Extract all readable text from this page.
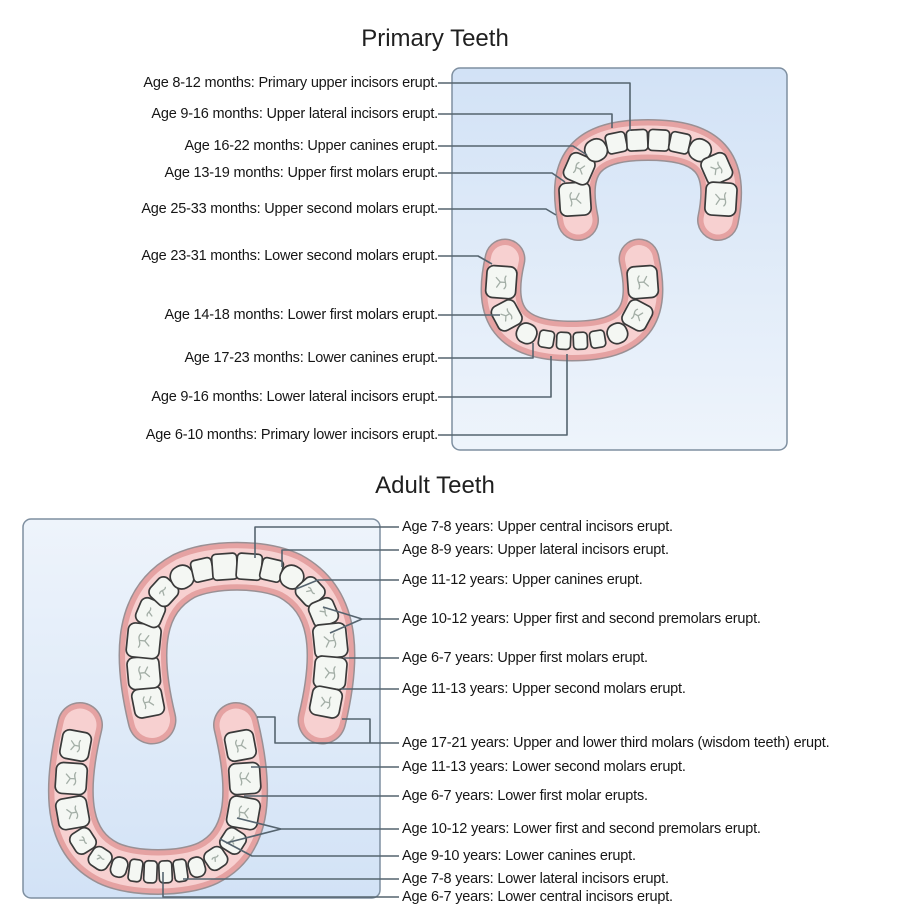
Primary Teeth
Age 8-12 months: Primary upper incisors erupt.
Age 9-16 months: Upper lateral incisors erupt.
Age 16-22 months: Upper canines erupt.
Age 13-19 months: Upper first molars erupt.
Age 25-33 months: Upper second molars erupt.
Age 23-31 months: Lower second molars erupt.
Age 14-18 months: Lower first molars erupt.
Age 17-23 months: Lower canines erupt.
Age 9-16 months: Lower lateral incisors erupt.
Age 6-10 months: Primary lower incisors erupt.
Adult Teeth
Age 7-8 years: Upper central incisors erupt.
Age 8-9 years: Upper lateral incisors erupt.
Age 11-12 years: Upper canines erupt.
Age 10-12 years: Upper first and second premolars erupt.
Age 6-7 years: Upper first molars erupt.
Age 11-13 years: Upper second molars erupt.
Age 17-21 years: Upper and lower third molars (wisdom teeth) erupt.
Age 11-13 years: Lower second molars erupt.
Age 6-7 years: Lower first molar erupts.
Age 10-12 years: Lower first and second premolars erupt.
Age 9-10 years: Lower canines erupt.
Age 7-8 years: Lower lateral incisors erupt.
Age 6-7 years: Lower central incisors erupt.
